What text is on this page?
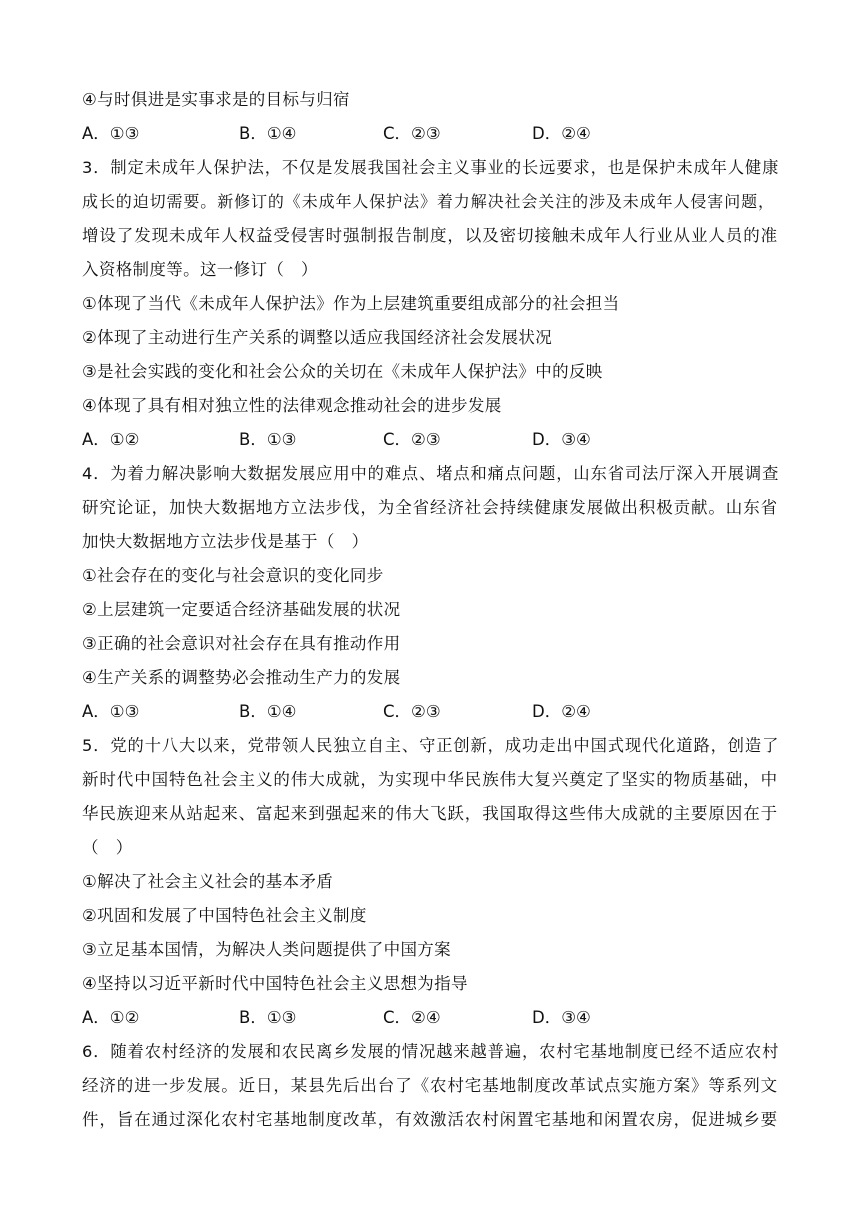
④与时俱进是实事求是的目标与归宿
A．①③	B．①④	C．②③	D．②④
3．制定未成年人保护法，不仅是发展我国社会主义事业的长远要求，也是保护未成年人健康
成长的迫切需要。新修订的《未成年人保护法》着力解决社会关注的涉及未成年人侵害问题，
增设了发现未成年人权益受侵害时强制报告制度，以及密切接触未成年人行业从业人员的准
入资格制度等。这一修订（　）
①体现了当代《未成年人保护法》作为上层建筑重要组成部分的社会担当
②体现了主动进行生产关系的调整以适应我国经济社会发展状况
③是社会实践的变化和社会公众的关切在《未成年人保护法》中的反映
④体现了具有相对独立性的法律观念推动社会的进步发展
A．①②	B．①③	C．②③	D．③④
4．为着力解决影响大数据发展应用中的难点、堵点和痛点问题，山东省司法厅深入开展调查
研究论证，加快大数据地方立法步伐，为全省经济社会持续健康发展做出积极贡献。山东省
加快大数据地方立法步伐是基于（　）
①社会存在的变化与社会意识的变化同步
②上层建筑一定要适合经济基础发展的状况
③正确的社会意识对社会存在具有推动作用
④生产关系的调整势必会推动生产力的发展
A．①③	B．①④	C．②③	D．②④
5．党的十八大以来，党带领人民独立自主、守正创新，成功走出中国式现代化道路，创造了
新时代中国特色社会主义的伟大成就，为实现中华民族伟大复兴奠定了坚实的物质基础，中
华民族迎来从站起来、富起来到强起来的伟大飞跃，我国取得这些伟大成就的主要原因在于
（　）
①解决了社会主义社会的基本矛盾
②巩固和发展了中国特色社会主义制度
③立足基本国情，为解决人类问题提供了中国方案
④坚持以习近平新时代中国特色社会主义思想为指导
A．①②	B．①③	C．②④	D．③④
6．随着农村经济的发展和农民离乡发展的情况越来越普遍，农村宅基地制度已经不适应农村
经济的进一步发展。近日，某县先后出台了《农村宅基地制度改革试点实施方案》等系列文
件，旨在通过深化农村宅基地制度改革，有效激活农村闲置宅基地和闲置农房，促进城乡要
